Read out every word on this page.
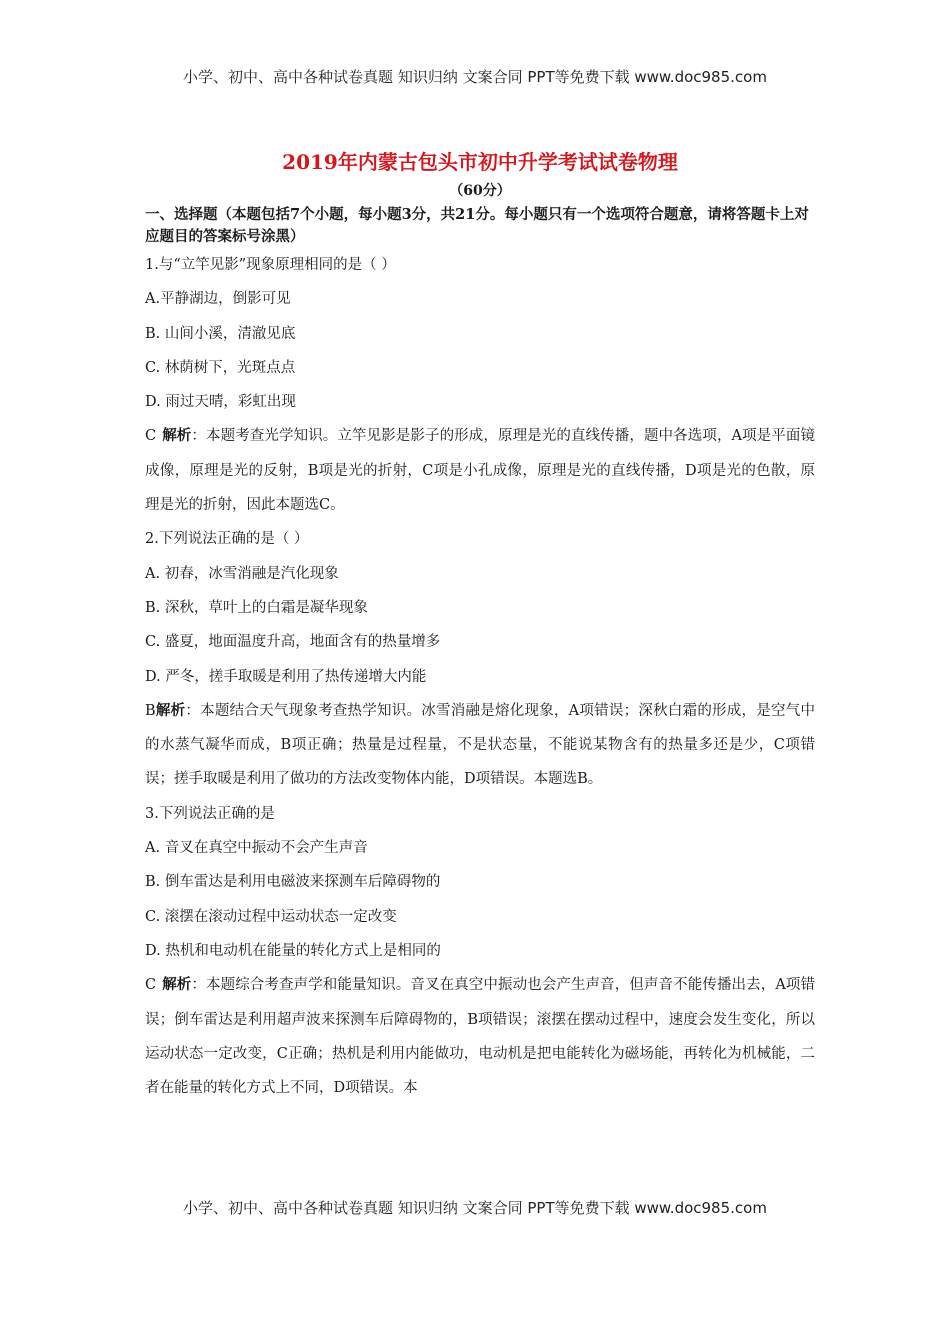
小学、初中、高中各种试卷真题 知识归纳 文案合同 PPT等免费下载 www.doc985.com

2019年内蒙古包头市初中升学考试试卷物理

（60分）

一、选择题（本题包括7个小题，每小题3分，共21分。每小题只有一个选项符合题意，请将答题卡上对应题目的答案标号涂黑）

1.与“立竿见影”现象原理相同的是（ ）

A.平静湖边，倒影可见

B. 山间小溪，清澈见底

C. 林荫树下，光斑点点

D. 雨过天晴，彩虹出现

C 解析：本题考查光学知识。立竿见影是影子的形成，原理是光的直线传播，题中各选项，A项是平面镜成像，原理是光的反射，B项是光的折射，C项是小孔成像，原理是光的直线传播，D项是光的色散，原理是光的折射，因此本题选C。

2.下列说法正确的是（ ）

A. 初春，冰雪消融是汽化现象

B. 深秋，草叶上的白霜是凝华现象

C. 盛夏，地面温度升高，地面含有的热量增多

D. 严冬，搓手取暖是利用了热传递增大内能

B解析：本题结合天气现象考查热学知识。冰雪消融是熔化现象，A项错误；深秋白霜的形成，是空气中的水蒸气凝华而成，B项正确；热量是过程量，不是状态量，不能说某物含有的热量多还是少，C项错误；搓手取暖是利用了做功的方法改变物体内能，D项错误。本题选B。

3.下列说法正确的是

A. 音叉在真空中振动不会产生声音

B. 倒车雷达是利用电磁波来探测车后障碍物的

C. 滚摆在滚动过程中运动状态一定改变

D. 热机和电动机在能量的转化方式上是相同的

C 解析：本题综合考查声学和能量知识。音叉在真空中振动也会产生声音，但声音不能传播出去，A项错误；倒车雷达是利用超声波来探测车后障碍物的，B项错误；滚摆在摆动过程中，速度会发生变化，所以运动状态一定改变，C正确；热机是利用内能做功，电动机是把电能转化为磁场能，再转化为机械能，二者在能量的转化方式上不同，D项错误。本

小学、初中、高中各种试卷真题 知识归纳 文案合同 PPT等免费下载 www.doc985.com
